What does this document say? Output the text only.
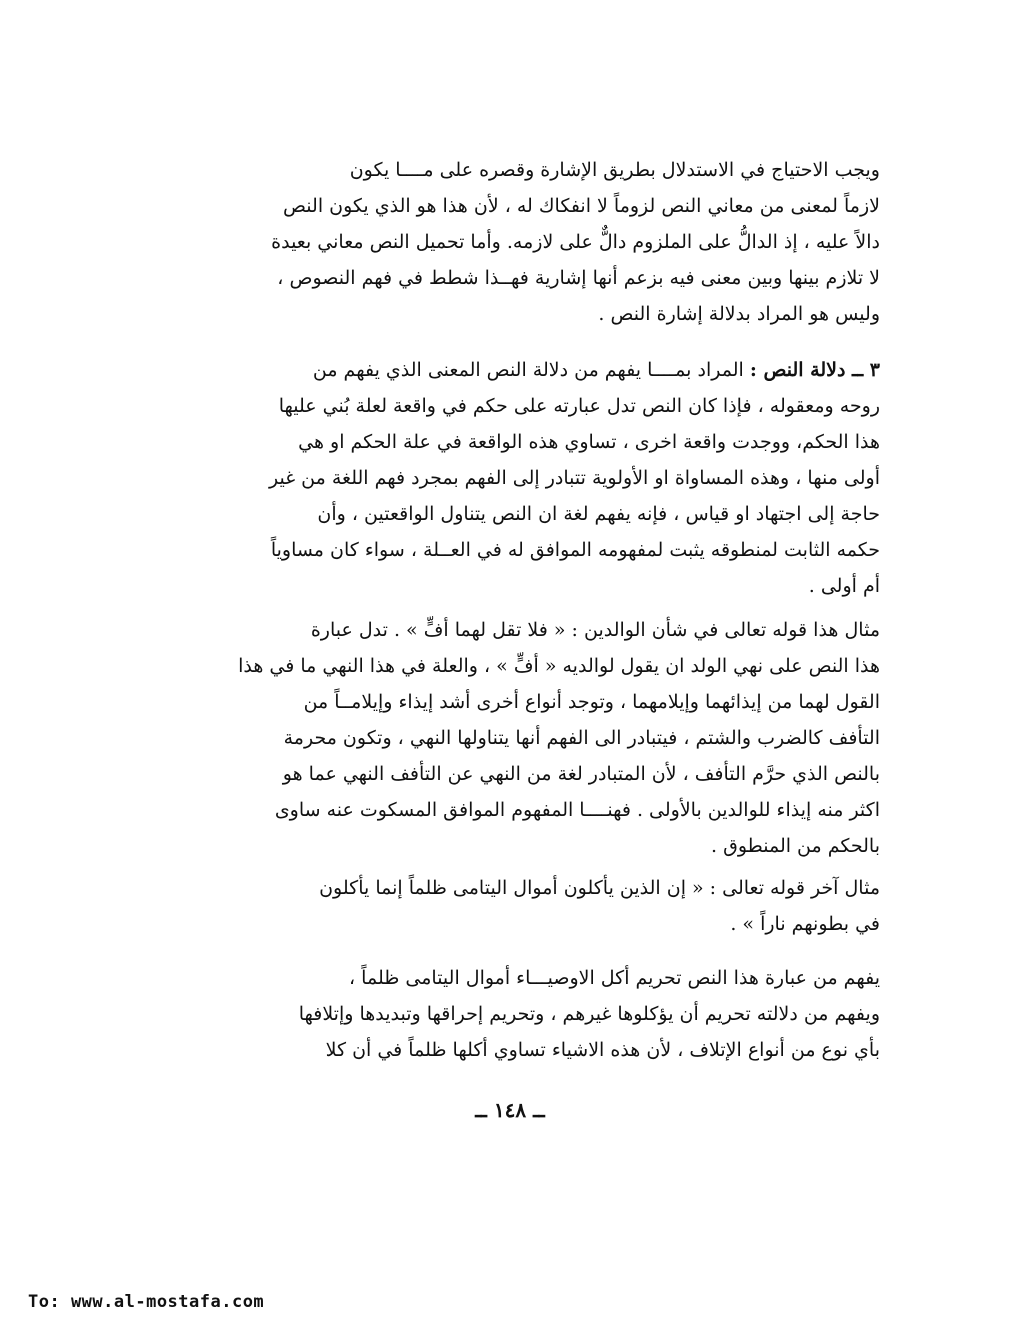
ويجب الاحتياج في الاستدلال بطريق الإشارة وقصره على مــــا يكون
لازماً لمعنى من معاني النص لزوماً لا انفكاك له ، لأن هذا هو الذي يكون النص
دالاً عليه ، إذ الدالُّ على الملزوم دالٌّ على لازمه. وأما تحميل النص معاني بعيدة
لا تلازم بينها وبين معنى فيه بزعم أنها إشارية فهــذا شطط في فهم النصوص ،
وليس هو المراد بدلالة إشارة النص .
٣ ــ دلالة النص : المراد بمــــا يفهم من دلالة النص المعنى الذي يفهم من
روحه ومعقوله ، فإذا كان النص تدل عبارته على حكم في واقعة لعلة بُني عليها
هذا الحكم، ووجدت واقعة اخرى ، تساوي هذه الواقعة في علة الحكم او هي
أولى منها ، وهذه المساواة او الأولوية تتبادر إلى الفهم بمجرد فهم اللغة من غير
حاجة إلى اجتهاد او قياس ، فإنه يفهم لغة ان النص يتناول الواقعتين ، وأن
حكمه الثابت لمنطوقه يثبت لمفهومه الموافق له في العــلة ، سواء كان مساوياً
أم أولى .
مثال هذا قوله تعالى في شأن الوالدين : « فلا تقل لهما أفٍّ » . تدل عبارة
هذا النص على نهي الولد ان يقول لوالديه « أفٍّ » ، والعلة في هذا النهي ما في هذا
القول لهما من إيذائهما وإيلامهما ، وتوجد أنواع أخرى أشد إيذاء وإيلامــاً من
التأفف كالضرب والشتم ، فيتبادر الى الفهم أنها يتناولها النهي ، وتكون محرمة
بالنص الذي حرَّم التأفف ، لأن المتبادر لغة من النهي عن التأفف النهي عما هو
اكثر منه إيذاء للوالدين بالأولى . فهنــــا المفهوم الموافق المسكوت عنه ساوى
بالحكم من المنطوق .
مثال آخر قوله تعالى : « إن الذين يأكلون أموال اليتامى ظلماً إنما يأكلون
في بطونهم ناراً » .
يفهم من عبارة هذا النص تحريم أكل الاوصيـــاء أموال اليتامى ظلماً ،
ويفهم من دلالته تحريم أن يؤكلوها غيرهم ، وتحريم إحراقها وتبديدها وإتلافها
بأي نوع من أنواع الإتلاف ، لأن هذه الاشياء تساوي أكلها ظلماً في أن كلا
ــ ١٤٨ ــ
To: www.al-mostafa.com
